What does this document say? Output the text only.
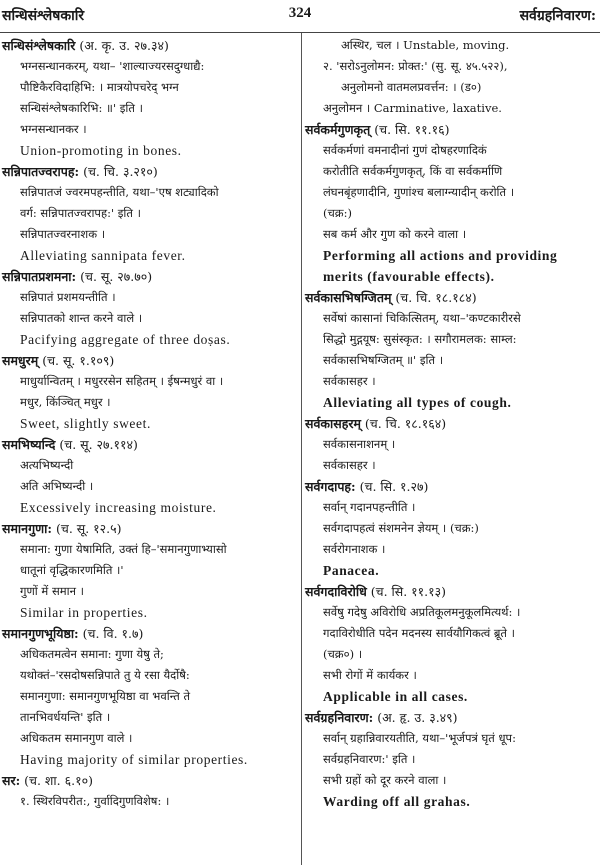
सन्धिसंश्लेषकारि	324	सर्वग्रहनिवारण:
सन्धिसंश्लेषकारि (अ. कृ. उ. २७.३४)
भग्नसन्धानकरम्, यथा– 'शाल्याज्यरसदुग्धाद्यै:
पौष्टिकैरविदाहिभि: । मात्रयोपचरेद् भग्न
सन्धिसंश्लेषकारिभि: ॥' इति ।
भग्नसन्धानकर ।
Union-promoting in bones.
सन्निपातज्वरापह: (च. चि. ३.२१०)
सन्निपातजं ज्वरमपहन्तीति, यथा–'एष शट्यादिको
वर्ग: सन्निपातज्वरापह:' इति ।
सन्निपातज्वरनाशक ।
Alleviating sannipata fever.
सन्निपातप्रशमना: (च. सू. २७.७०)
सन्निपातं प्रशमयन्तीति ।
सन्निपातको शान्त करने वाले ।
Pacifying aggregate of three doṣas.
समधुरम् (च. सू. १.१०९)
माधुर्यान्वितम् । मधुररसेन सहितम् । ईषन्मधुरं वा ।
मधुर, किंञ्चित् मधुर ।
Sweet, slightly sweet.
समभिष्यन्दि (च. सू. २७.११४)
अत्यभिष्यन्दी
अति अभिष्यन्दी ।
Excessively increasing moisture.
समानगुणा: (च. सू. १२.५)
समाना: गुणा येषामिति, उक्तं हि–'समानगुणाभ्यासो
धातूनां वृद्धिकारणमिति ।'
गुणों में समान ।
Similar in properties.
समानगुणभूयिष्ठा: (च. वि. १.७)
अधिकतमत्वेन समाना: गुणा येषु ते;
यथोक्तं–'रसदोषसन्निपाते तु ये रसा यैर्दोषै:
समानगुणा: समानगुणभूयिष्ठा वा भवन्ति ते
तानभिवर्धयन्ति' इति ।
अधिकतम समानगुण वाले ।
Having majority of similar properties.
सर: (च. शा. ६.१०)
१. स्थिरविपरीत:, गुर्वादिगुणविशेष: ।
अस्थिर, चल । Unstable, moving.
२. 'सरोऽनुलोमन: प्रोक्त:' (सु. सू. ४५.५२२),
अनुलोमनो वातमलप्रवर्त्तन: । (ड०)
अनुलोमन । Carminative, laxative.
सर्वकर्मगुणकृत् (च. सि. ११.१६)
सर्वकर्मणां वमनादीनां गुणं दोषहरणादिकं
करोतीति सर्वकर्मगुणकृत्, किं वा सर्वकर्माणि
लंघनबृंहणादीनि, गुणांश्च बलाग्न्यादीन् करोति ।
(चक्र:)
सब कर्म और गुण को करने वाला ।
Performing all actions and providing
merits (favourable effects).
सर्वकासभिषग्जितम् (च. चि. १८.१८४)
सर्वेषां कासानां चिकित्सितम्, यथा–'कण्टकारीरसे
सिद्धो मुद्गयूष: सुसंस्कृत: । सगौरामलक: साम्ल:
सर्वकासभिषग्जितम् ॥' इति ।
सर्वकासहर ।
Alleviating all types of cough.
सर्वकासहरम् (च. चि. १८.१६४)
सर्वकासनाशनम् ।
सर्वकासहर ।
सर्वगदापह: (च. सि. १.२७)
सर्वान् गदानपहन्तीति ।
सर्वगदापहत्वं संशमनेन ज्ञेयम् । (चक्र:)
सर्वरोगनाशक ।
Panacea.
सर्वगदाविरोधि (च. सि. ११.१३)
सर्वेषु गदेषु अविरोधि अप्रतिकूलमनुकूलमित्यर्थ: ।
गदाविरोधीति पदेन मदनस्य सार्वयौगिकत्वं ब्रूते ।
(चक्र०) ।
सभी रोगों में कार्यकर ।
Applicable in all cases.
सर्वग्रहनिवारण: (अ. हृ. उ. ३.४९)
सर्वान् ग्रहान्निवारयतीति, यथा–'भूर्जपत्रं घृतं धूप:
सर्वग्रहनिवारण:' इति ।
सभी ग्रहों को दूर करने वाला ।
Warding off all grahas.
